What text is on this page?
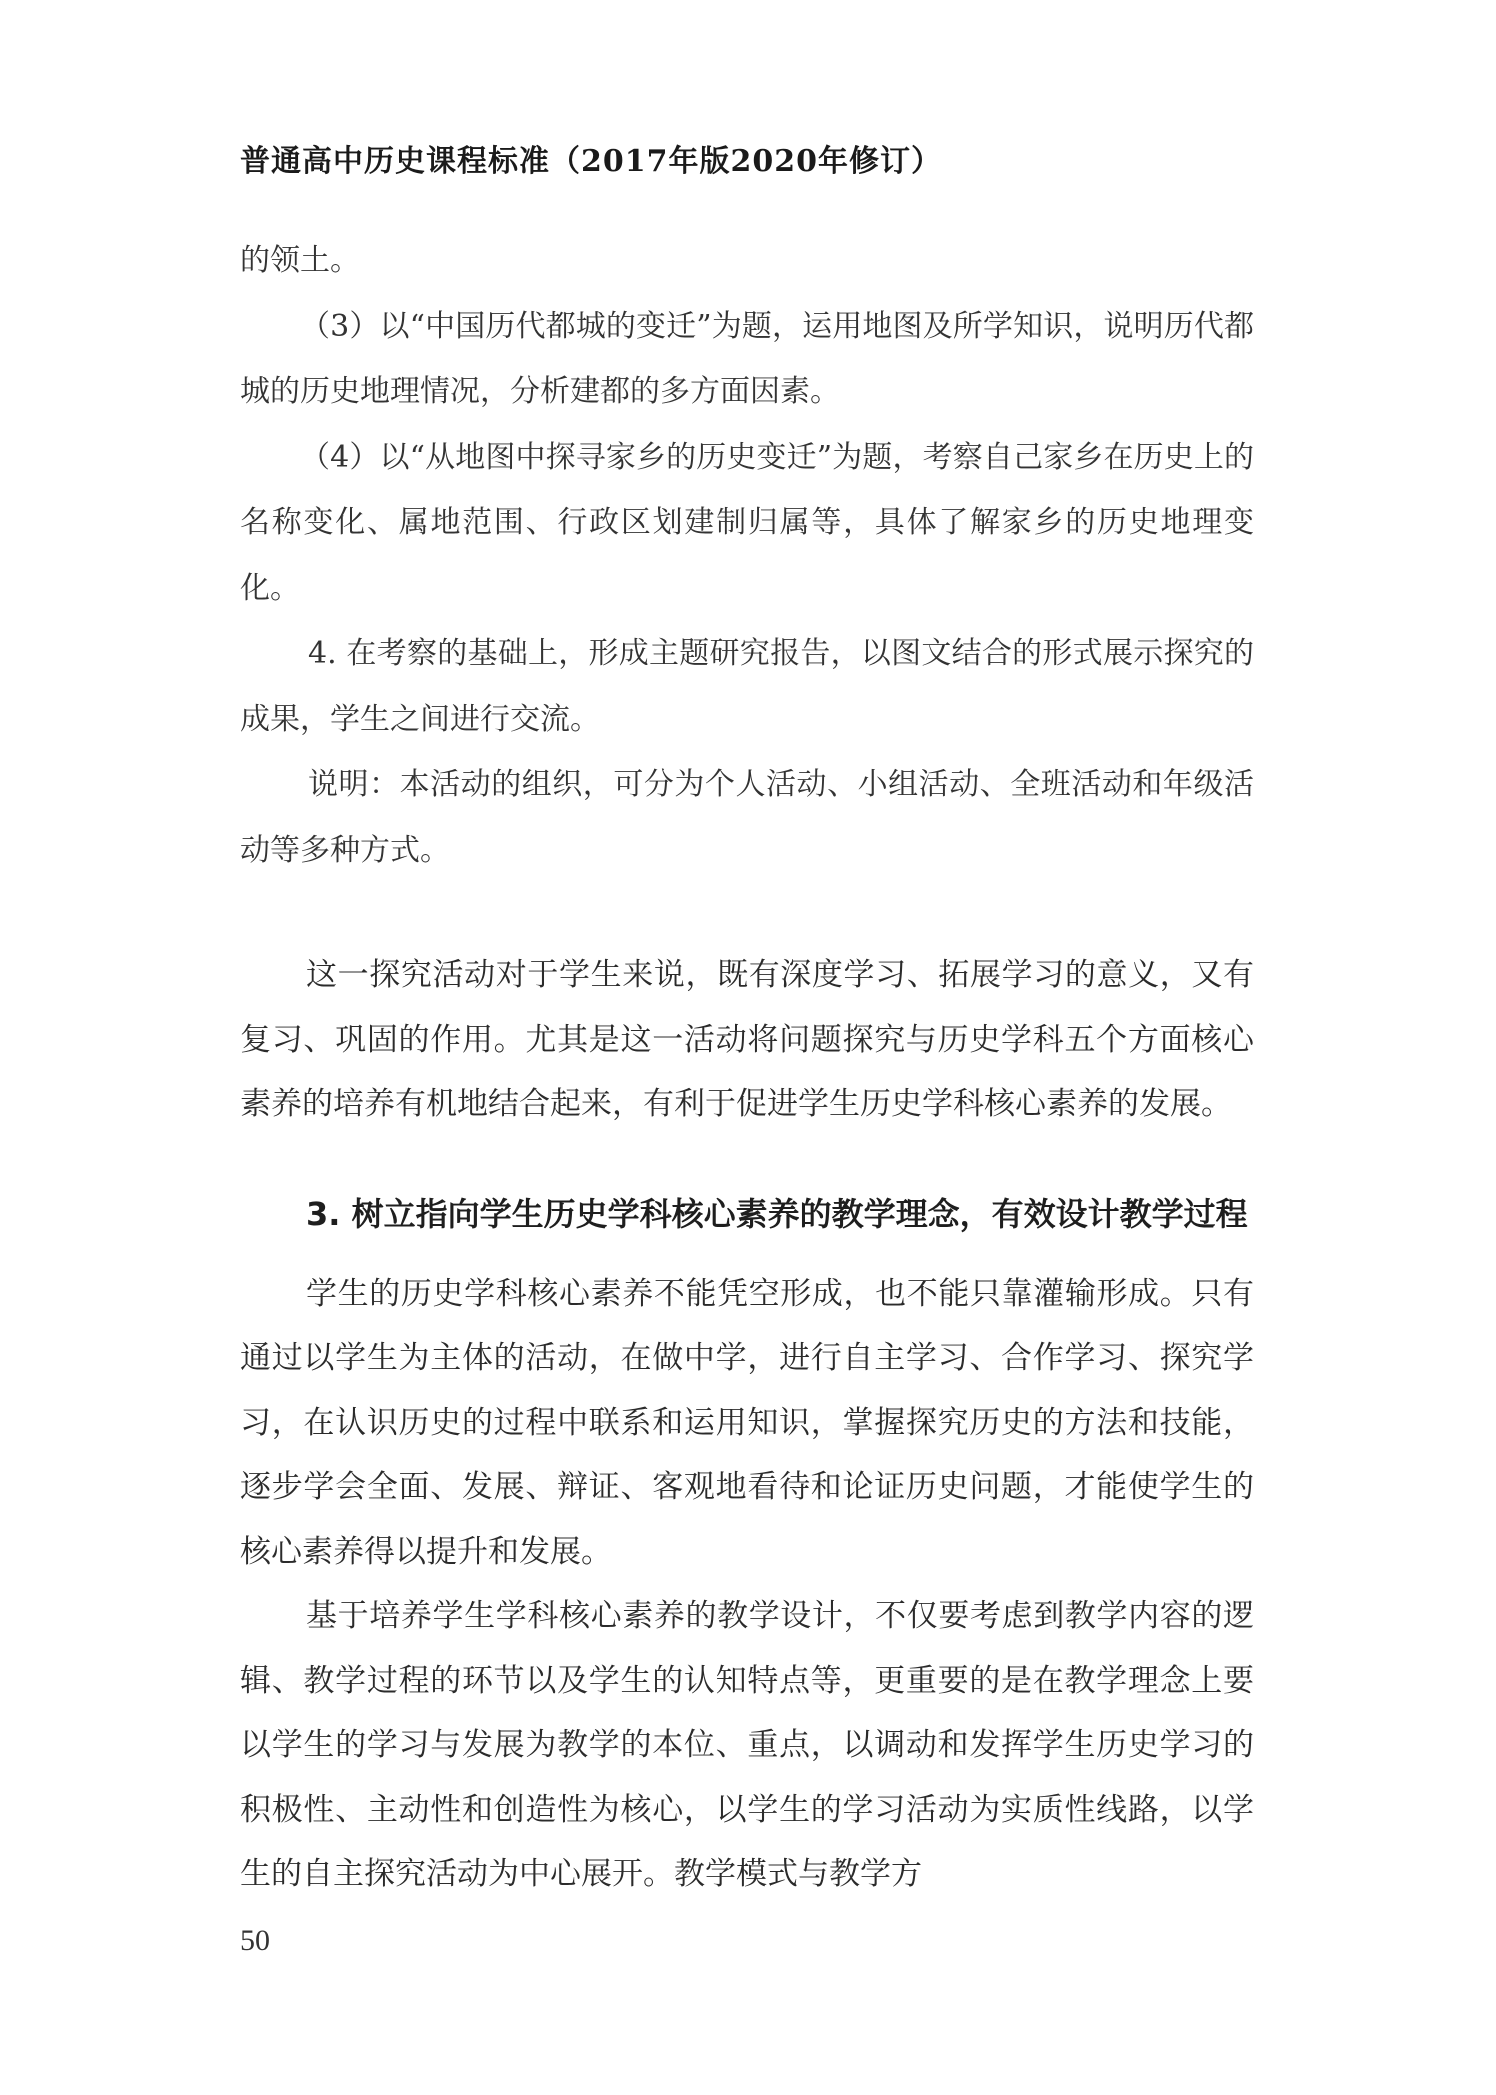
普通高中历史课程标准（2017年版2020年修订）

的领土。

（3）以“中国历代都城的变迁”为题，运用地图及所学知识，说明历代都城的历史地理情况，分析建都的多方面因素。

（4）以“从地图中探寻家乡的历史变迁”为题，考察自己家乡在历史上的名称变化、属地范围、行政区划建制归属等，具体了解家乡的历史地理变化。

4. 在考察的基础上，形成主题研究报告，以图文结合的形式展示探究的成果，学生之间进行交流。

说明：本活动的组织，可分为个人活动、小组活动、全班活动和年级活动等多种方式。

这一探究活动对于学生来说，既有深度学习、拓展学习的意义，又有复习、巩固的作用。尤其是这一活动将问题探究与历史学科五个方面核心素养的培养有机地结合起来，有利于促进学生历史学科核心素养的发展。

3. 树立指向学生历史学科核心素养的教学理念，有效设计教学过程

学生的历史学科核心素养不能凭空形成，也不能只靠灌输形成。只有通过以学生为主体的活动，在做中学，进行自主学习、合作学习、探究学习，在认识历史的过程中联系和运用知识，掌握探究历史的方法和技能，逐步学会全面、发展、辩证、客观地看待和论证历史问题，才能使学生的核心素养得以提升和发展。

基于培养学生学科核心素养的教学设计，不仅要考虑到教学内容的逻辑、教学过程的环节以及学生的认知特点等，更重要的是在教学理念上要以学生的学习与发展为教学的本位、重点，以调动和发挥学生历史学习的积极性、主动性和创造性为核心，以学生的学习活动为实质性线路，以学生的自主探究活动为中心展开。教学模式与教学方

50
